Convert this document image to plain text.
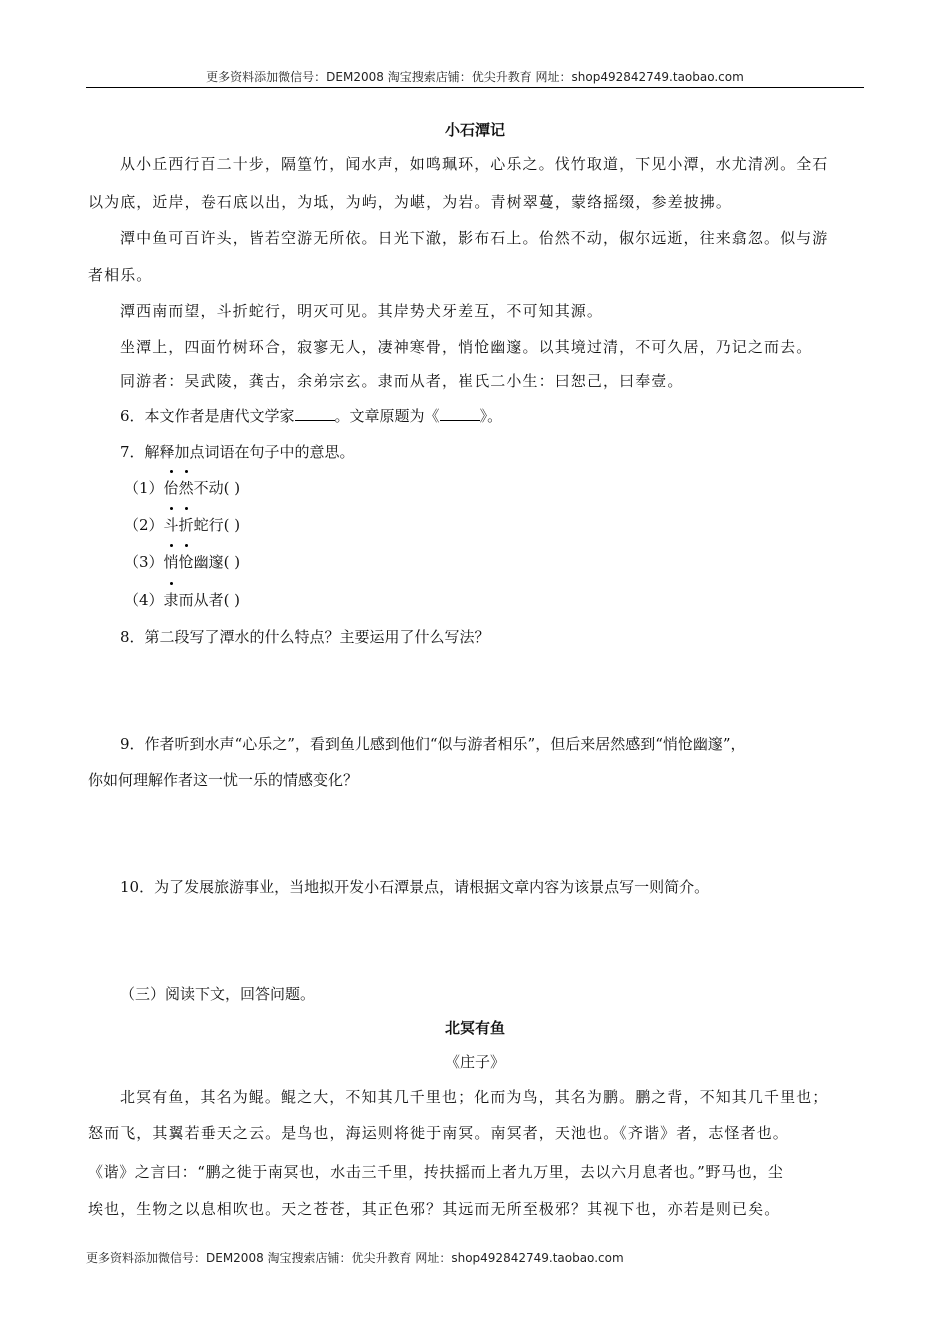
更多资料添加微信号：DEM2008 淘宝搜索店铺：优尖升教育 网址：shop492842749.taobao.com
小石潭记
从小丘西行百二十步，隔篁竹，闻水声，如鸣珮环，心乐之。伐竹取道，下见小潭，水尤清冽。全石
以为底，近岸，卷石底以出，为坻，为屿，为嵁，为岩。青树翠蔓，蒙络摇缀，参差披拂。
潭中鱼可百许头，皆若空游无所依。日光下澈，影布石上。佁然不动，俶尔远逝，往来翕忽。似与游
者相乐。
潭西南而望，斗折蛇行，明灭可见。其岸势犬牙差互，不可知其源。
坐潭上，四面竹树环合，寂寥无人，凄神寒骨，悄怆幽邃。以其境过清，不可久居，乃记之而去。
同游者：吴武陵，龚古，余弟宗玄。隶而从者，崔氏二小生：曰恕己，曰奉壹。
6．本文作者是唐代文学家	。文章原题为《	》。
7．解释加点词语在句子中的意思。
（1）佁然不动( )
（2）斗折蛇行( )
（3）悄怆幽邃( )
（4）隶而从者( )
8．第二段写了潭水的什么特点？主要运用了什么写法？
9．作者听到水声“心乐之”，看到鱼儿感到他们“似与游者相乐”，但后来居然感到“悄怆幽邃”，
你如何理解作者这一忧一乐的情感变化？
10．为了发展旅游事业，当地拟开发小石潭景点，请根据文章内容为该景点写一则简介。
（三）阅读下文，回答问题。
北冥有鱼
《庄子》
北冥有鱼，其名为鲲。鲲之大，不知其几千里也；化而为鸟，其名为鹏。鹏之背，不知其几千里也；
怒而飞，其翼若垂天之云。是鸟也，海运则将徙于南冥。南冥者，天池也。《齐谐》者，志怪者也。
《谐》之言曰：“鹏之徙于南冥也，水击三千里，抟扶摇而上者九万里，去以六月息者也。”野马也，尘
埃也，生物之以息相吹也。天之苍苍，其正色邪？其远而无所至极邪？其视下也，亦若是则已矣。
更多资料添加微信号：DEM2008 淘宝搜索店铺：优尖升教育 网址：shop492842749.taobao.com
